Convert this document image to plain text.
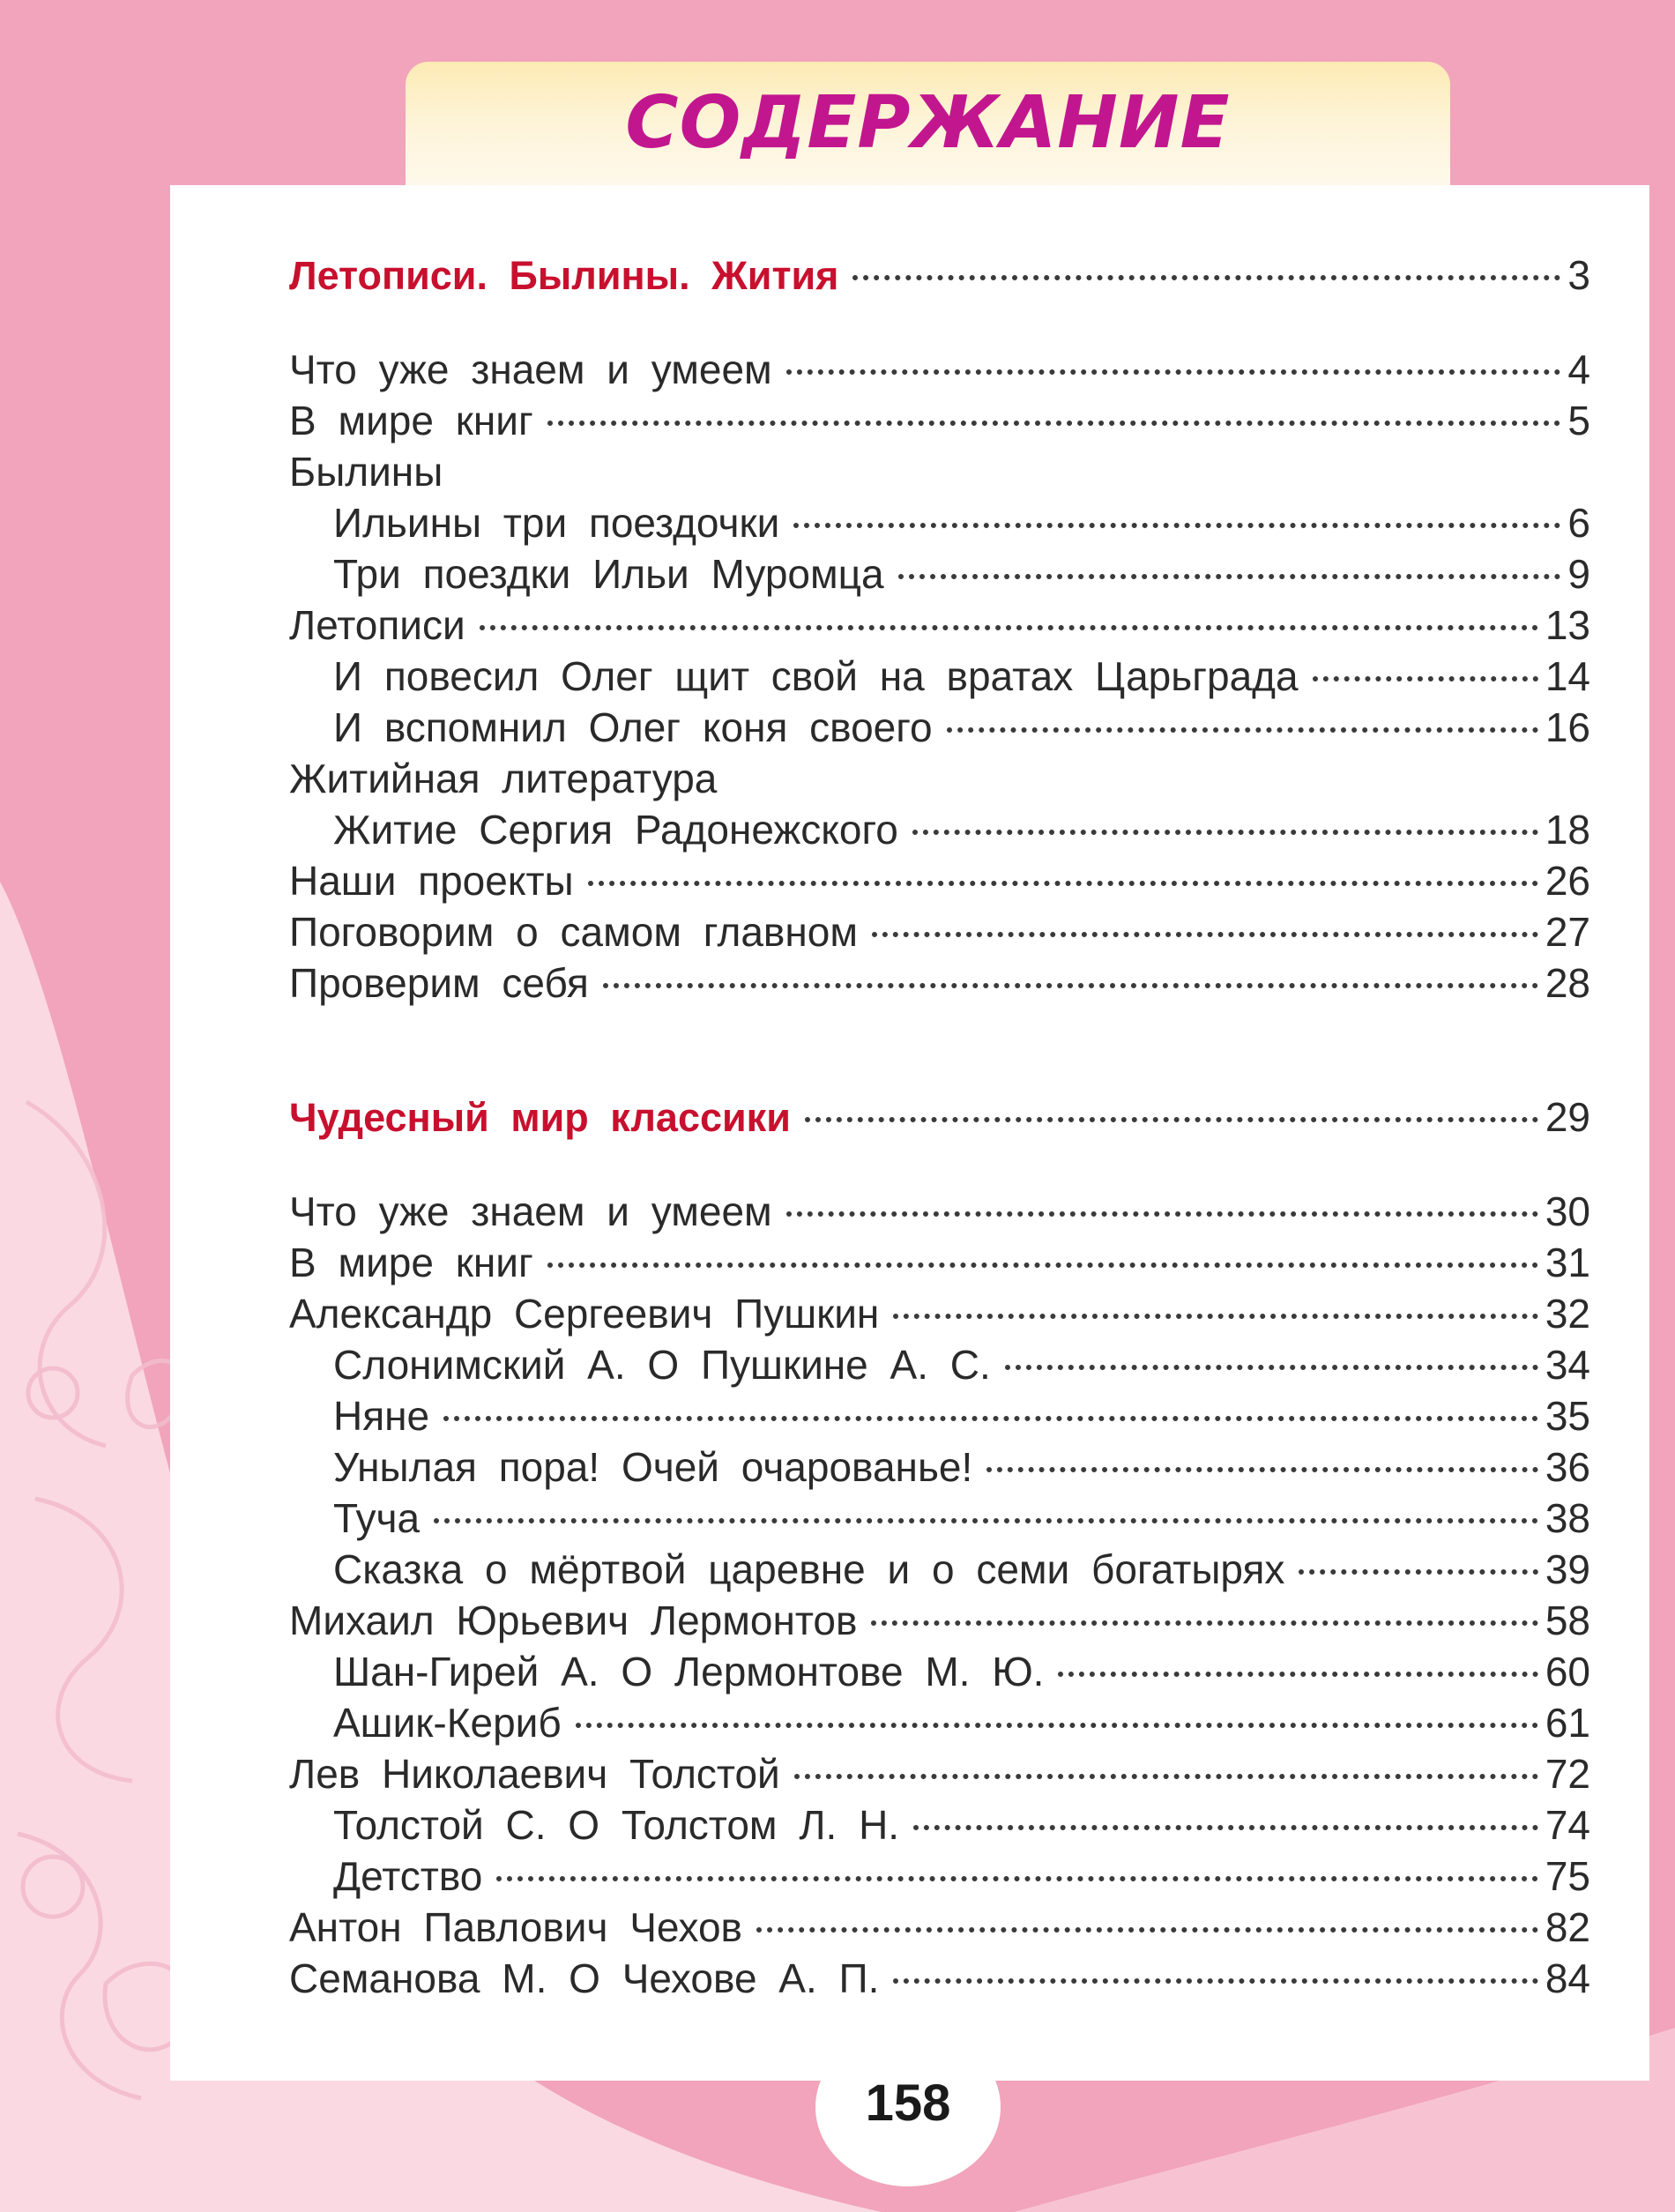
СОДЕРЖАНИЕ
Летописи. Былины. Жития	3
Что уже знаем и умеем	4
В мире книг	5
Былины
Ильины три поездочки	6
Три поездки Ильи Муромца	9
Летописи	13
И повесил Олег щит свой на вратах Царьграда	14
И вспомнил Олег коня своего	16
Житийная литература
Житие Сергия Радонежского	18
Наши проекты	26
Поговорим о самом главном	27
Проверим себя	28
Чудесный мир классики	29
Что уже знаем и умеем	30
В мире книг	31
Александр Сергеевич Пушкин	32
Слонимский А. О Пушкине А. С.	34
Няне	35
Унылая пора! Очей очарованье!	36
Туча	38
Сказка о мёртвой царевне и о семи богатырях	39
Михаил Юрьевич Лермонтов	58
Шан-Гирей А. О Лермонтове М. Ю.	60
Ашик-Кериб	61
Лев Николаевич Толстой	72
Толстой С. О Толстом Л. Н.	74
Детство	75
Антон Павлович Чехов	82
Семанова М. О Чехове А. П.	84
158
